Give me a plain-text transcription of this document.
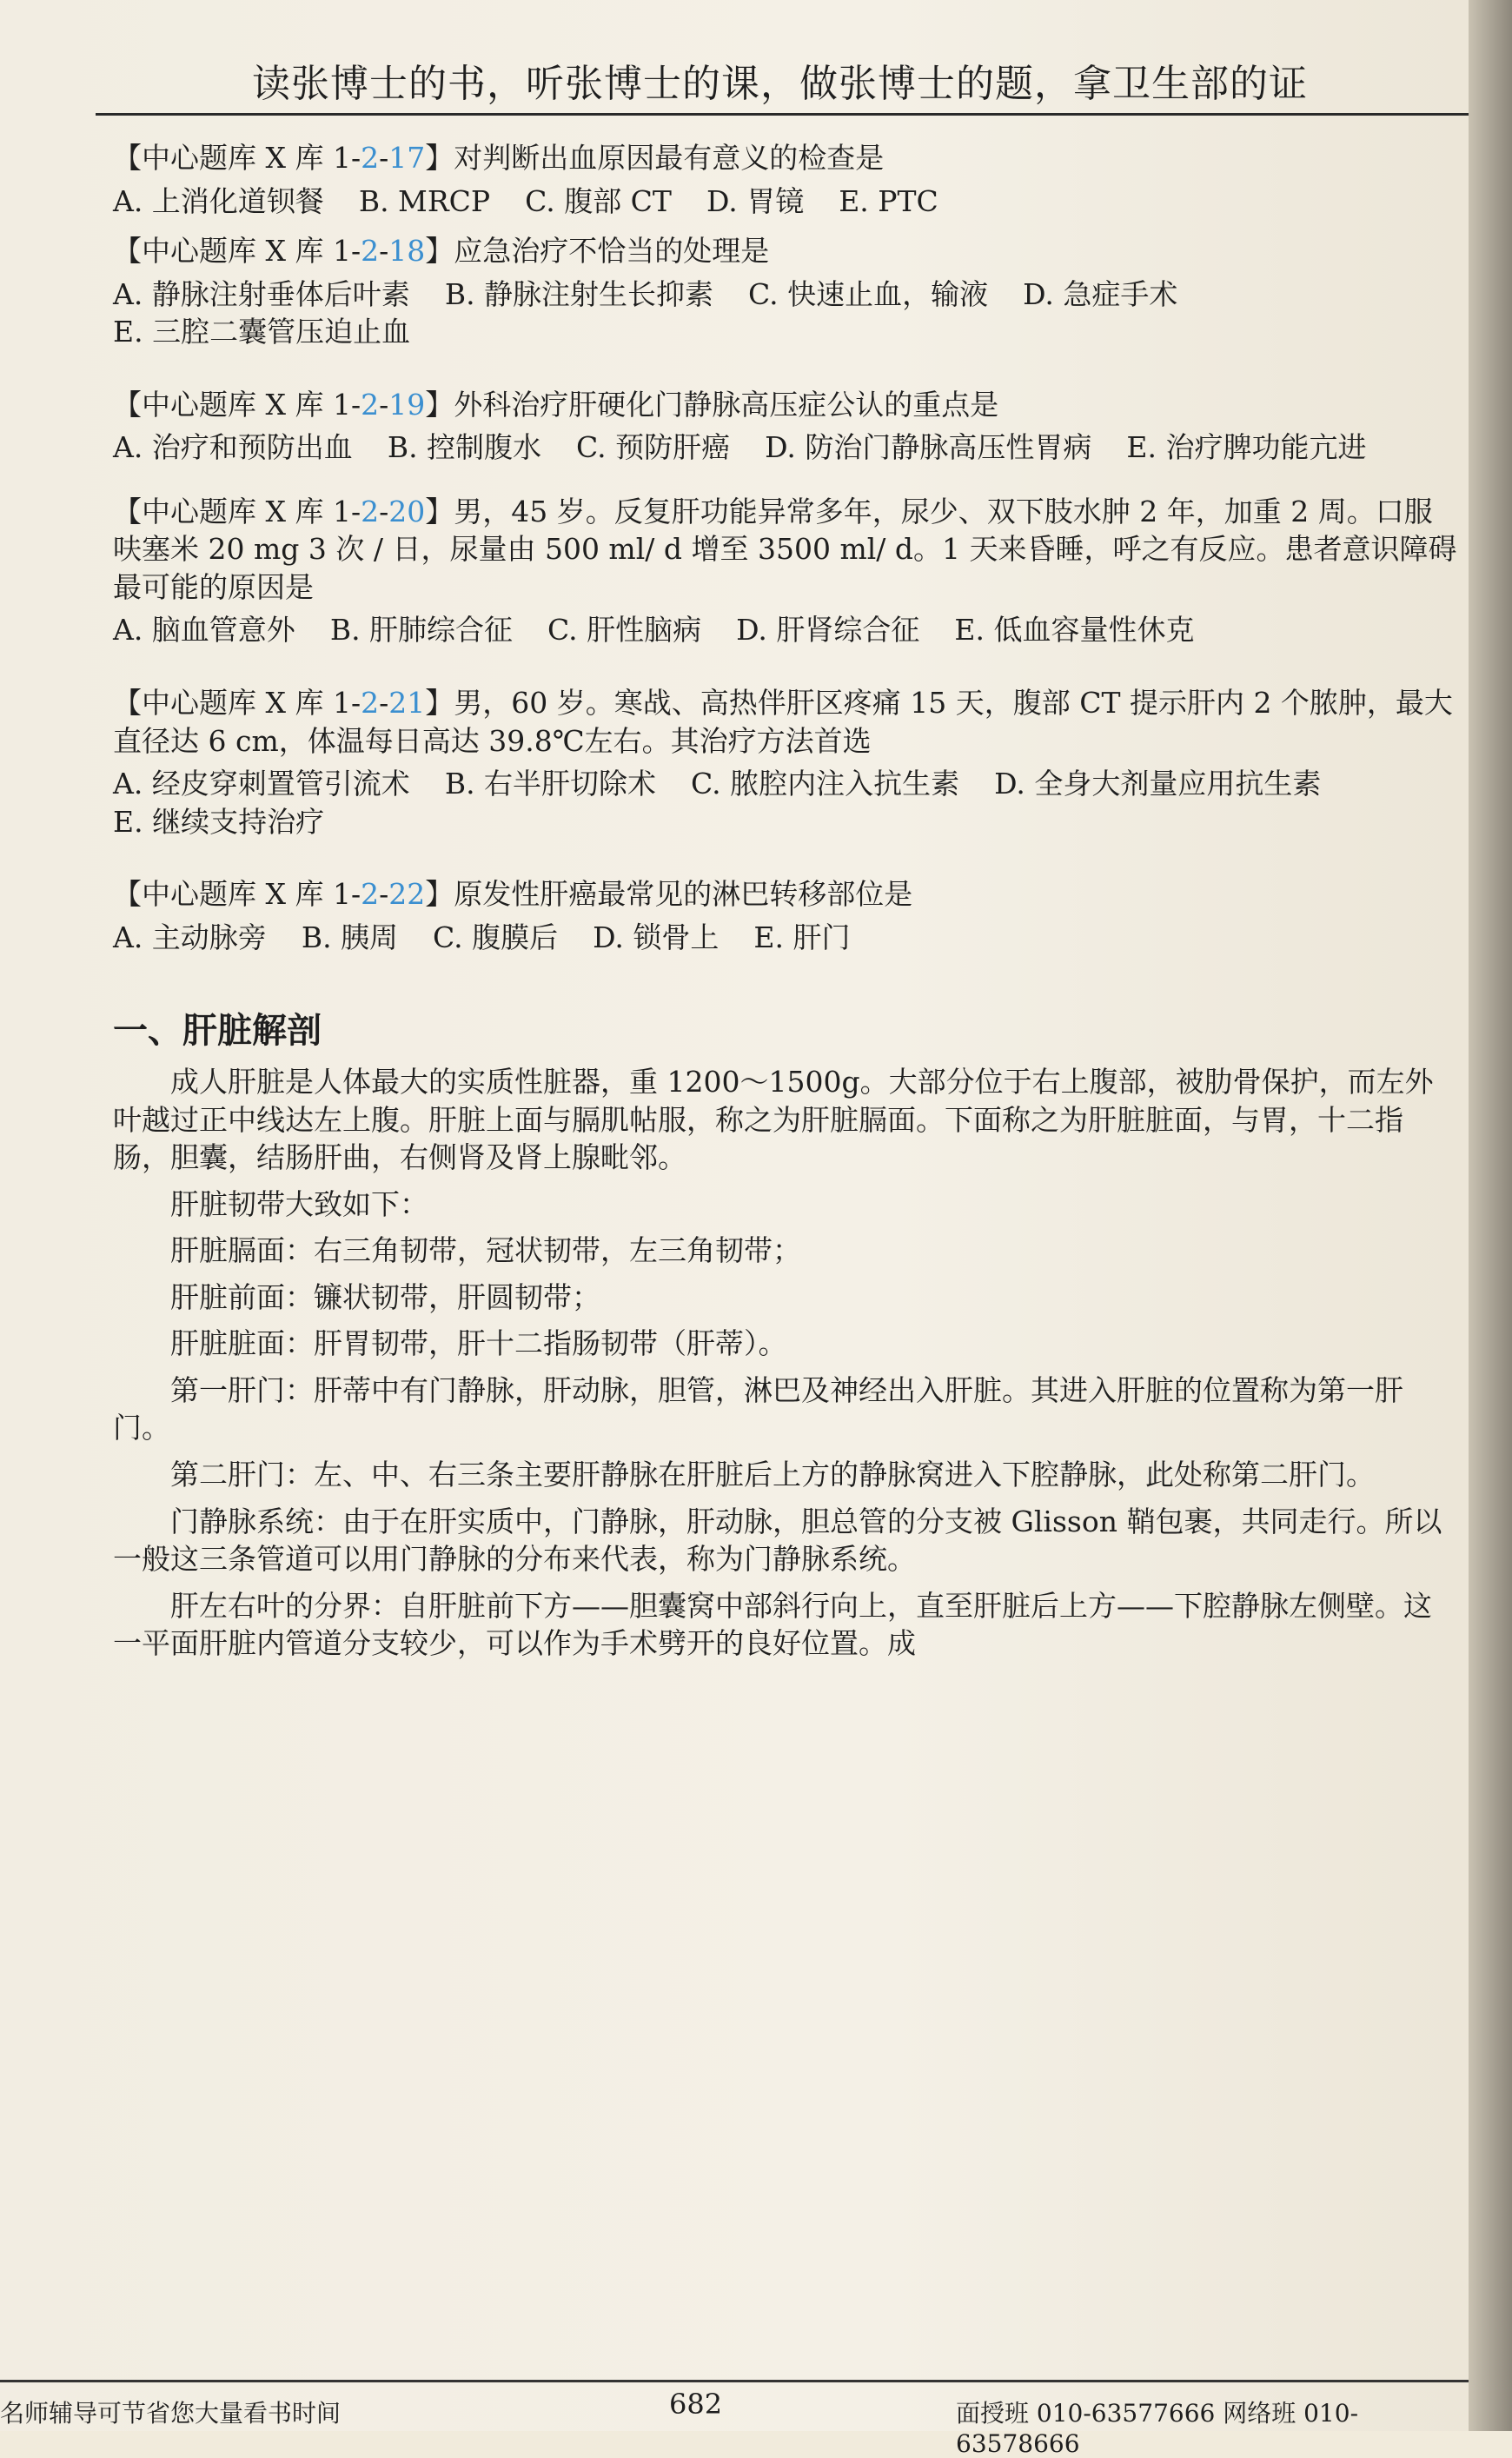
读张博士的书，听张博士的课，做张博士的题，拿卫生部的证
【中心题库 X 库 1-2-17】对判断出血原因最有意义的检查是
A. 上消化道钡餐 B. MRCP C. 腹部 CT D. 胃镜 E. PTC
【中心题库 X 库 1-2-18】应急治疗不恰当的处理是
A. 静脉注射垂体后叶素 B. 静脉注射生长抑素 C. 快速止血，输液 D. 急症手术
E. 三腔二囊管压迫止血
【中心题库 X 库 1-2-19】外科治疗肝硬化门静脉高压症公认的重点是
A. 治疗和预防出血 B. 控制腹水 C. 预防肝癌 D. 防治门静脉高压性胃病 E. 治疗脾功能亢进
【中心题库 X 库 1-2-20】男，45 岁。反复肝功能异常多年，尿少、双下肢水肿 2 年，加重 2 周。口服呋塞米 20 mg 3 次 / 日，尿量由 500 ml/ d 增至 3500 ml/ d。1 天来昏睡，呼之有反应。患者意识障碍最可能的原因是
A. 脑血管意外 B. 肝肺综合征 C. 肝性脑病 D. 肝肾综合征 E. 低血容量性休克
【中心题库 X 库 1-2-21】男，60 岁。寒战、高热伴肝区疼痛 15 天，腹部 CT 提示肝内 2 个脓肿，最大直径达 6 cm，体温每日高达 39.8℃左右。其治疗方法首选
A. 经皮穿刺置管引流术 B. 右半肝切除术 C. 脓腔内注入抗生素 D. 全身大剂量应用抗生素
E. 继续支持治疗
【中心题库 X 库 1-2-22】原发性肝癌最常见的淋巴转移部位是
A. 主动脉旁 B. 胰周 C. 腹膜后 D. 锁骨上 E. 肝门
一、肝脏解剖
成人肝脏是人体最大的实质性脏器，重 1200～1500g。大部分位于右上腹部，被肋骨保护，而左外叶越过正中线达左上腹。肝脏上面与膈肌帖服，称之为肝脏膈面。下面称之为肝脏脏面，与胃，十二指肠，胆囊，结肠肝曲，右侧肾及肾上腺毗邻。
肝脏韧带大致如下：
肝脏膈面：右三角韧带，冠状韧带，左三角韧带；
肝脏前面：镰状韧带，肝圆韧带；
肝脏脏面：肝胃韧带，肝十二指肠韧带（肝蒂）。
第一肝门：肝蒂中有门静脉，肝动脉，胆管，淋巴及神经出入肝脏。其进入肝脏的位置称为第一肝门。
第二肝门：左、中、右三条主要肝静脉在肝脏后上方的静脉窝进入下腔静脉，此处称第二肝门。
门静脉系统：由于在肝实质中，门静脉，肝动脉，胆总管的分支被 Glisson 鞘包裹，共同走行。所以一般这三条管道可以用门静脉的分布来代表，称为门静脉系统。
肝左右叶的分界：自肝脏前下方——胆囊窝中部斜行向上，直至肝脏后上方——下腔静脉左侧壁。这一平面肝脏内管道分支较少，可以作为手术劈开的良好位置。成
名师辅导可节省您大量看书时间	682	面授班 010-63577666 网络班 010-63578666
